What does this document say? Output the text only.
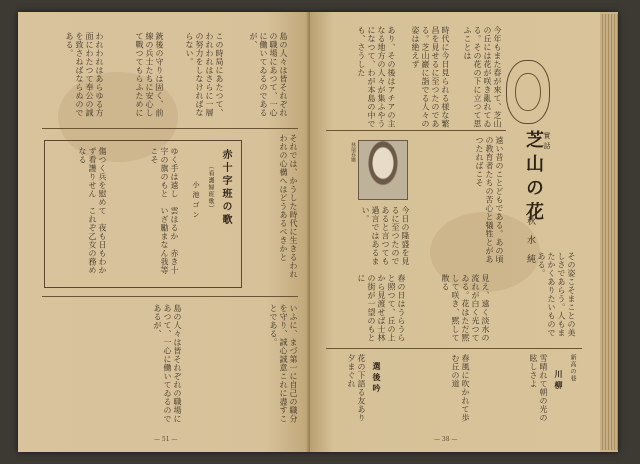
島の人々は皆それぞれの職場にあつて、一心に働いてゐるのであるが、
この時局にあたつて、われわれはさらに一層の努力をしなければならない。
銃後の守りは固く、前線の兵士たちに安心して戰つてもらふために
われわれはあらゆる方面にわたつて奉公の誠を致さねばならぬのである。
それでは、かうした時代に生きるわれわれの心構へはどうあるべきかと
赤十字班の歌
（看護婦班歌）
小池ゴン
ゆく手は遠し　雲はるか　赤き十字の旗のもと　いざ勵まなん我等こそ
傷つく兵を慰めて　夜も日もわかず看護りせん　これぞ乙女の務めなる
いふに、まづ第一に自己の職分を守り、誠心誠意これに盡すことである。
島の人々は皆それぞれの職場にあつて、一心に働いてゐるのであるが、
— 51 —
あり、その後はアチアの主なる地方の人々が集ふやうになつて、わが本島の中でも、さうした	時代に今日見られる様な繁昌を見せるに至つたのである。芝山巖に詣でる人々の姿は絶えず	今年もまた春が來て、芝山の丘には花が咲き亂れてゐる。その花の下に立つて思ふことは
實話
芝山の花
秋水純
遠い昔のことどもである。あの頃の教育者たちの苦心と犠牲とがあつたればこそ
林瑞春孃
今日の隆盛を見るに至つたのであると言つても過言ではあるまい。
春の日はうらうらと照つて、丘の上から見渡せば士林の街が一望のもとに	見え、遠く淡水の流れが白く光つてゐる。花はただ黙して咲き、黙して散る	その姿こそまことの美しさであらう。人もまたかくありたいものである。
新高の巷
川柳
雪晴れて朝の光の眩しさよ
春風に吹かれて歩む丘の道
選後吟
花の下語る友あり夕まぐれ
— 38 —
